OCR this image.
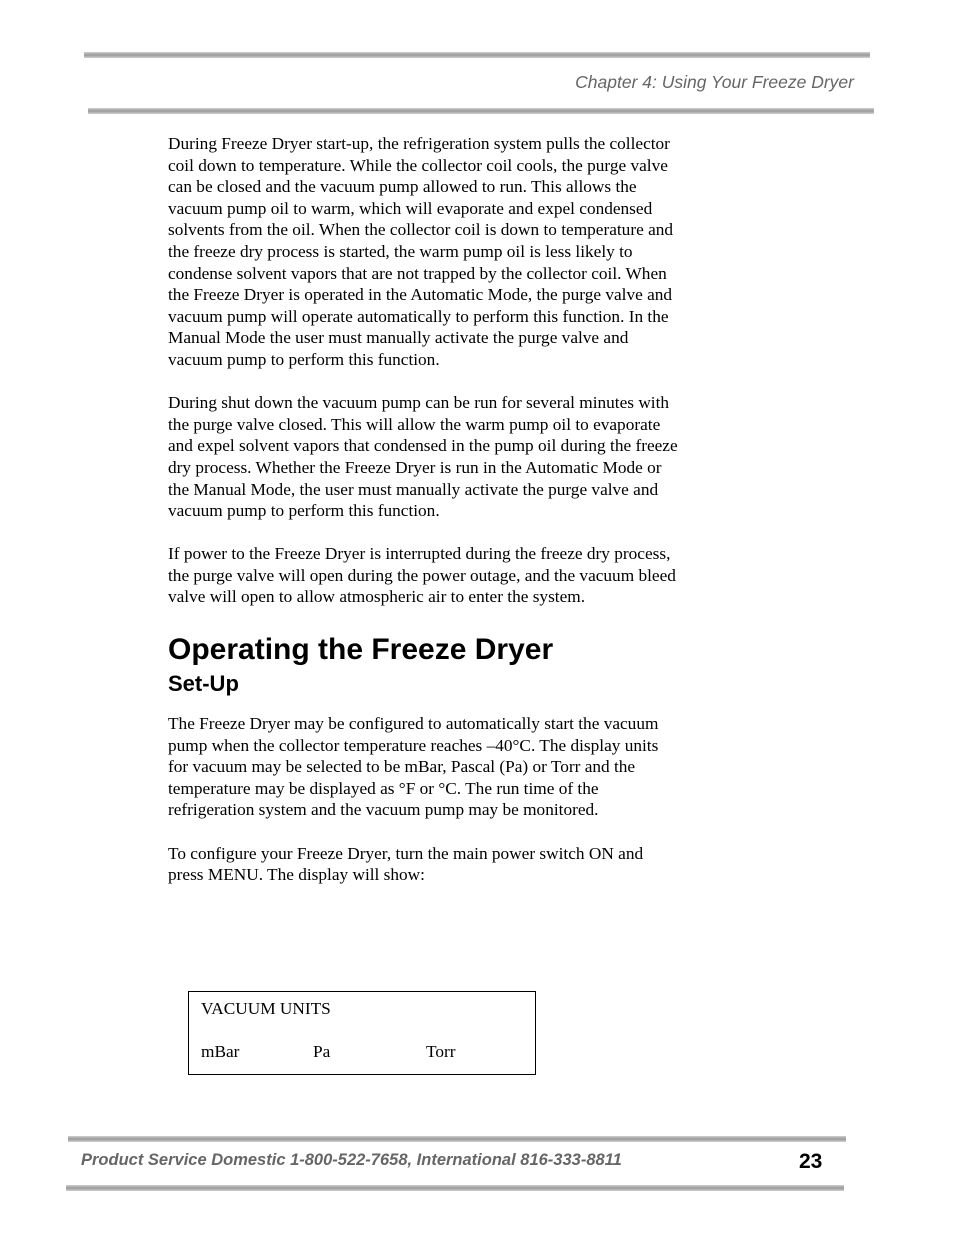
Chapter 4: Using Your Freeze Dryer

During Freeze Dryer start-up, the refrigeration system pulls the collector coil down to temperature. While the collector coil cools, the purge valve can be closed and the vacuum pump allowed to run. This allows the vacuum pump oil to warm, which will evaporate and expel condensed solvents from the oil. When the collector coil is down to temperature and the freeze dry process is started, the warm pump oil is less likely to condense solvent vapors that are not trapped by the collector coil. When the Freeze Dryer is operated in the Automatic Mode, the purge valve and vacuum pump will operate automatically to perform this function. In the Manual Mode the user must manually activate the purge valve and vacuum pump to perform this function.

During shut down the vacuum pump can be run for several minutes with the purge valve closed. This will allow the warm pump oil to evaporate and expel solvent vapors that condensed in the pump oil during the freeze dry process. Whether the Freeze Dryer is run in the Automatic Mode or the Manual Mode, the user must manually activate the purge valve and vacuum pump to perform this function.

If power to the Freeze Dryer is interrupted during the freeze dry process, the purge valve will open during the power outage, and the vacuum bleed valve will open to allow atmospheric air to enter the system.

Operating the Freeze Dryer
Set-Up

The Freeze Dryer may be configured to automatically start the vacuum pump when the collector temperature reaches –40°C. The display units for vacuum may be selected to be mBar, Pascal (Pa) or Torr and the temperature may be displayed as °F or °C. The run time of the refrigeration system and the vacuum pump may be monitored.

To configure your Freeze Dryer, turn the main power switch ON and press MENU. The display will show:

VACUUM UNITS
mBar	Pa	Torr
Product Service Domestic 1-800-522-7658, International 816-333-8811	23
